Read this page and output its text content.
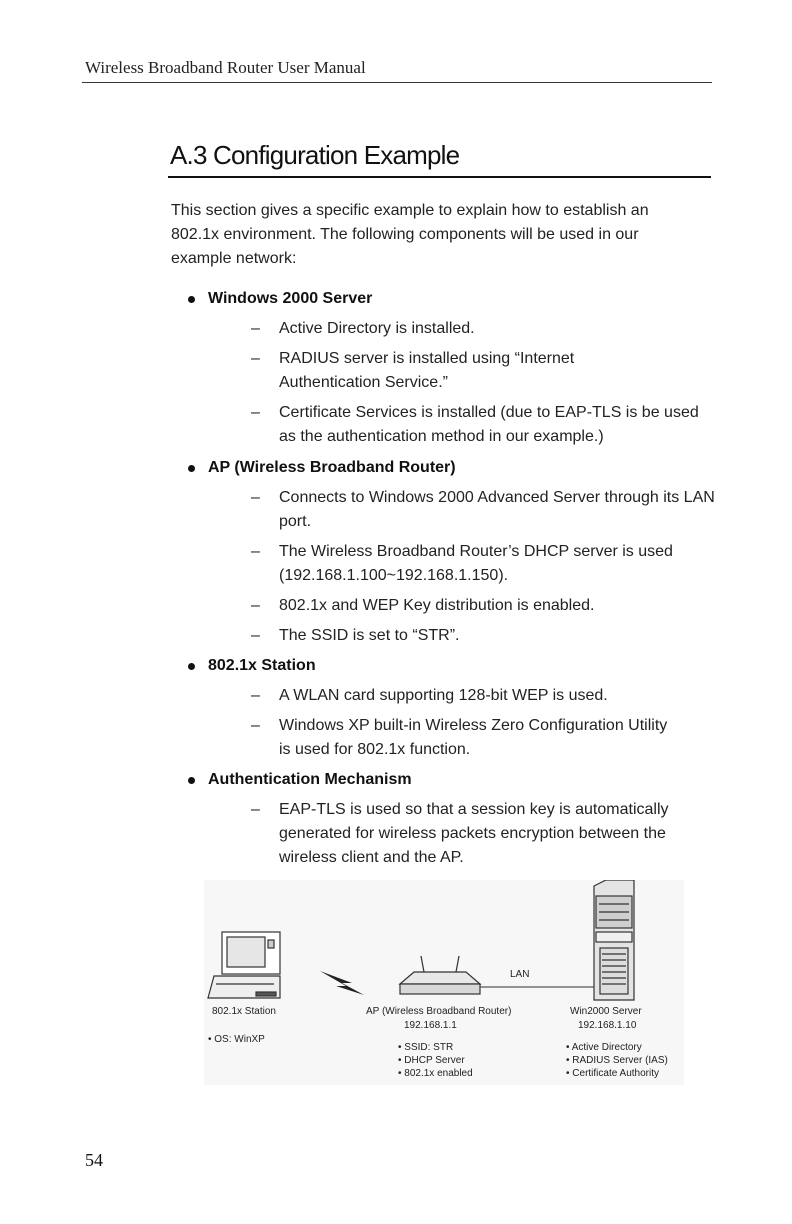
Wireless Broadband Router User Manual
A.3 Configuration Example

This section gives a specific example to explain how to establish an 802.1x environment. The following components will be used in our example network:

Windows 2000 Server
– Active Directory is installed.

– RADIUS server is installed using “Internet Authentication Service.”

– Certificate Services is installed (due to EAP-TLS is be used as the authentication method in our example.)

AP (Wireless Broadband Router)
– Connects to Windows 2000 Advanced Server through its LAN port.

– The Wireless Broadband Router’s DHCP server is used (192.168.1.100~192.168.1.150).

– 802.1x and WEP Key distribution is enabled.

– The SSID is set to “STR”.

802.1x Station
– A WLAN card supporting 128-bit WEP is used.

– Windows XP built-in Wireless Zero Configuration Utility is used for 802.1x function.

Authentication Mechanism
– EAP-TLS is used so that a session key is automatically generated for wireless packets encryption between the wireless client and the AP.

LAN
802.1x Station
• OS: WinXP
AP (Wireless Broadband Router)
192.168.1.1
• SSID: STR
• DHCP Server
• 802.1x enabled
Win2000 Server
192.168.1.10
• Active Directory
• RADIUS Server (IAS)
• Certificate Authority
54
